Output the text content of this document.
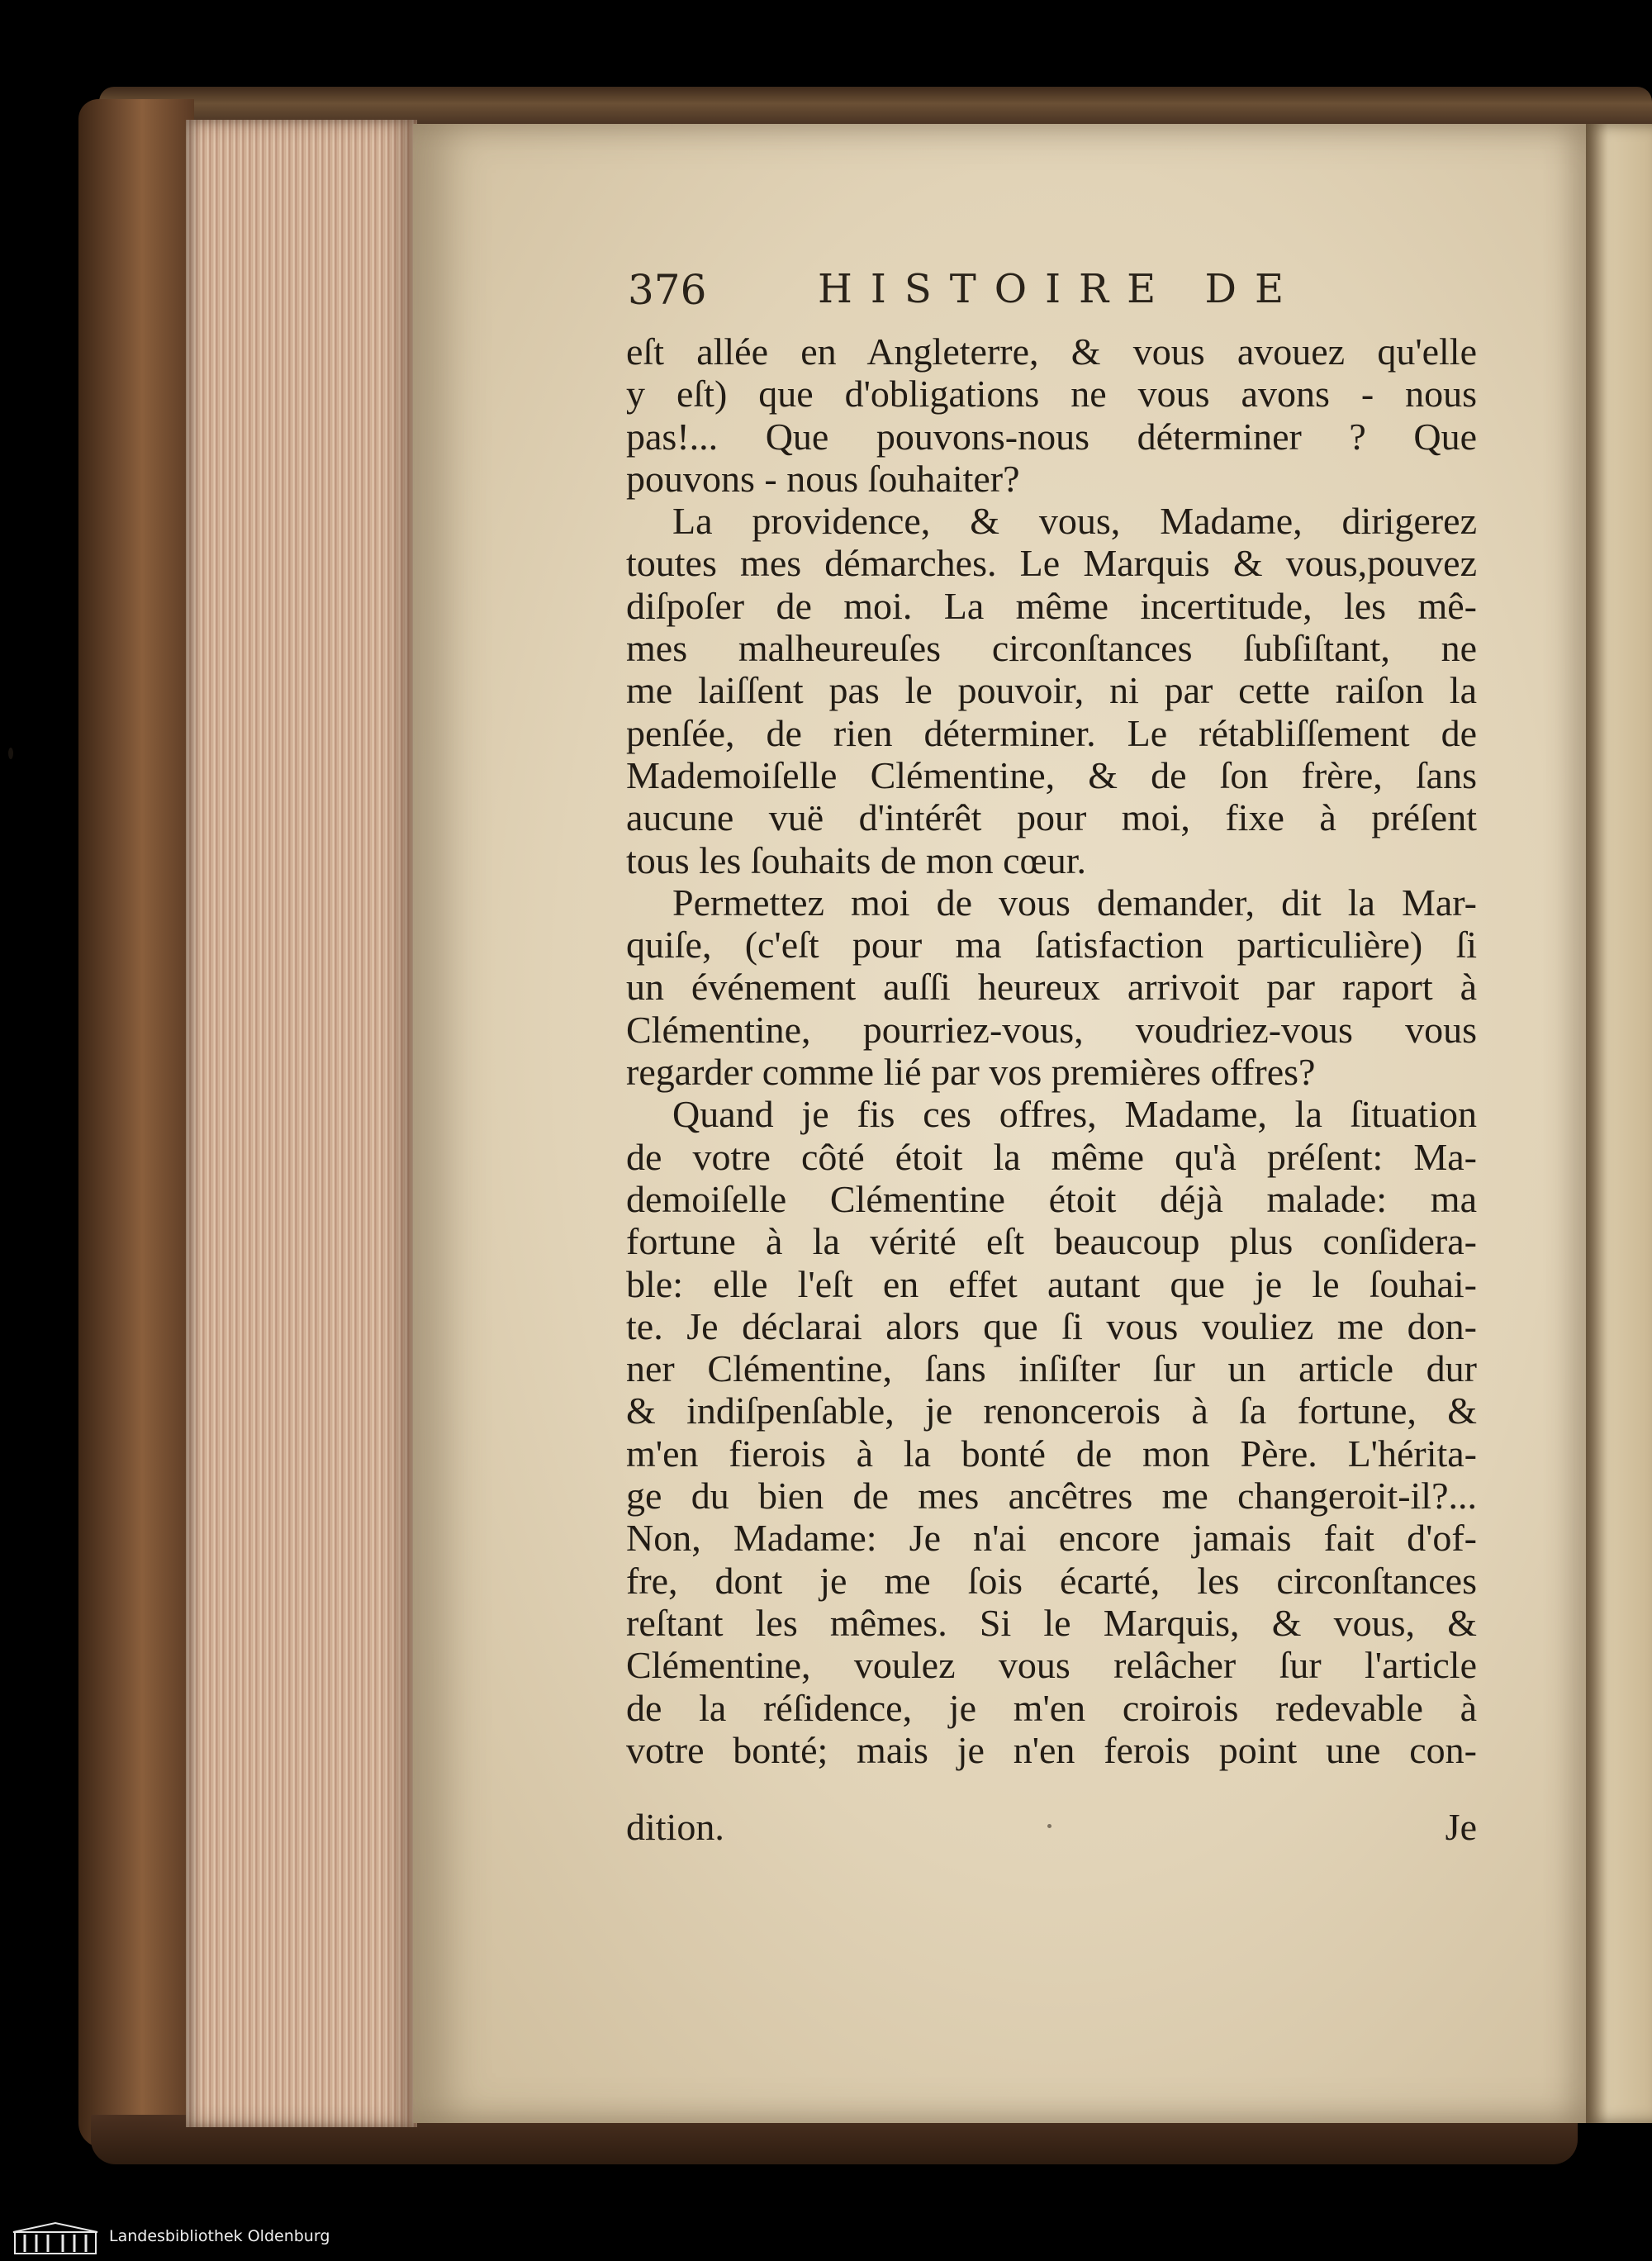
376	HISTOIRE DE
eſt allée en Angleterre, & vous avouez qu'elle
y eſt) que d'obligations ne vous avons - nous
pas!... Que pouvons-nous déterminer ? Que
pouvons - nous ſouhaiter?
La providence, & vous, Madame, dirigerez
toutes mes démarches. Le Marquis & vous,pouvez
diſpoſer de moi. La même incertitude, les mê-
mes malheureuſes circonſtances ſubſiſtant, ne
me laiſſent pas le pouvoir, ni par cette raiſon la
penſée, de rien déterminer. Le rétabliſſement de
Mademoiſelle Clémentine, & de ſon frère, ſans
aucune vuë d'intérêt pour moi, fixe à préſent
tous les ſouhaits de mon cœur.
Permettez moi de vous demander, dit la Mar-
quiſe, (c'eſt pour ma ſatisfaction particulière) ſi
un événement auſſi heureux arrivoit par raport à
Clémentine, pourriez-vous, voudriez-vous vous
regarder comme lié par vos premières offres?
Quand je fis ces offres, Madame, la ſituation
de votre côté étoit la même qu'à préſent: Ma-
demoiſelle Clémentine étoit déjà malade: ma
fortune à la vérité eſt beaucoup plus conſidera-
ble: elle l'eſt en effet autant que je le ſouhai-
te. Je déclarai alors que ſi vous vouliez me don-
ner Clémentine, ſans inſiſter ſur un article dur
& indiſpenſable, je renoncerois à ſa fortune, &
m'en fierois à la bonté de mon Père. L'hérita-
ge du bien de mes ancêtres me changeroit-il?...
Non, Madame: Je n'ai encore jamais fait d'of-
fre, dont je me ſois écarté, les circonſtances
reſtant les mêmes. Si le Marquis, & vous, &
Clémentine, voulez vous relâcher ſur l'article
de la réſidence, je m'en croirois redevable à
votre bonté; mais je n'en ferois point une con-
dition.	Je
Landesbibliothek Oldenburg
